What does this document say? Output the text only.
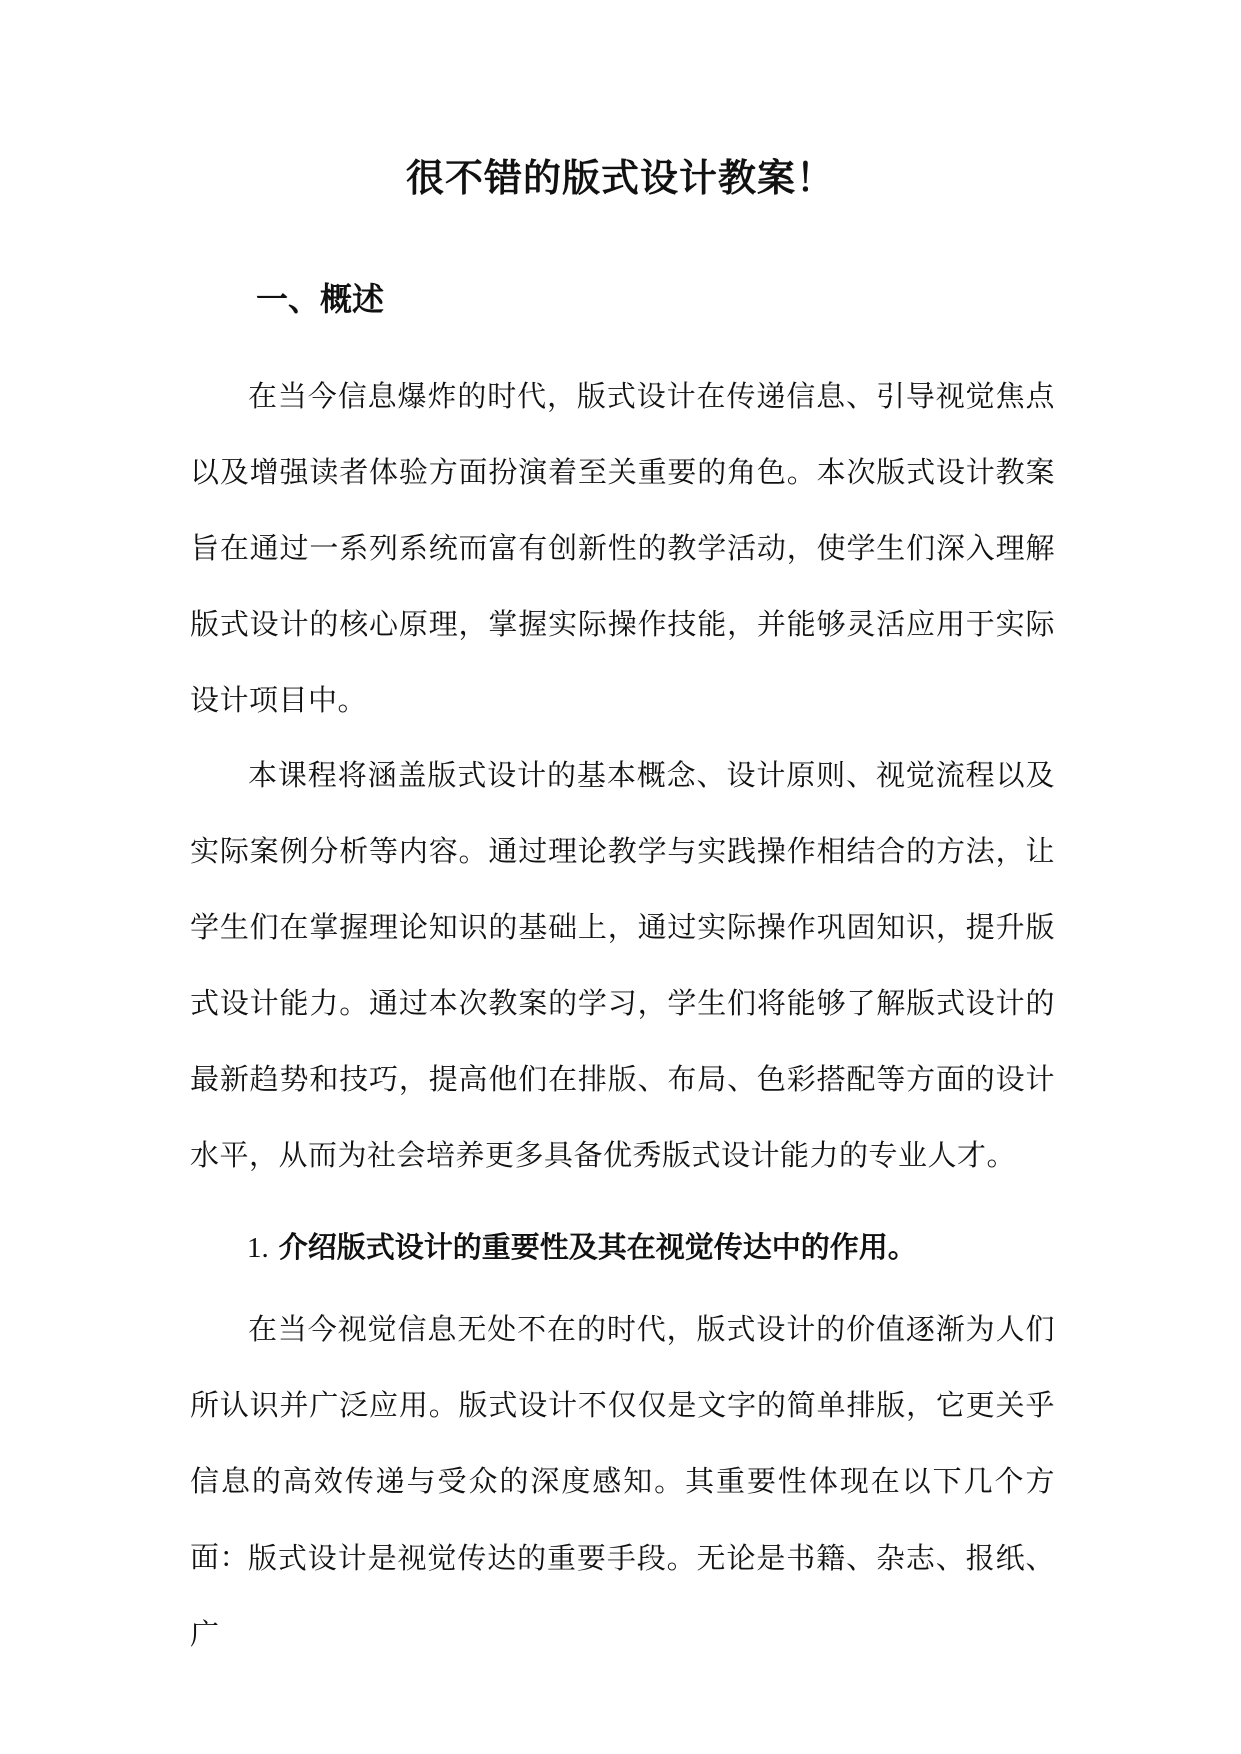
很不错的版式设计教案！
一、概述

在当今信息爆炸的时代，版式设计在传递信息、引导视觉焦点以及增强读者体验方面扮演着至关重要的角色。本次版式设计教案旨在通过一系列系统而富有创新性的教学活动，使学生们深入理解版式设计的核心原理，掌握实际操作技能，并能够灵活应用于实际设计项目中。

本课程将涵盖版式设计的基本概念、设计原则、视觉流程以及实际案例分析等内容。通过理论教学与实践操作相结合的方法，让学生们在掌握理论知识的基础上，通过实际操作巩固知识，提升版式设计能力。通过本次教案的学习，学生们将能够了解版式设计的最新趋势和技巧，提高他们在排版、布局、色彩搭配等方面的设计水平，从而为社会培养更多具备优秀版式设计能力的专业人才。

1. 介绍版式设计的重要性及其在视觉传达中的作用。

在当今视觉信息无处不在的时代，版式设计的价值逐渐为人们所认识并广泛应用。版式设计不仅仅是文字的简单排版，它更关乎信息的高效传递与受众的深度感知。其重要性体现在以下几个方面：

版式设计是视觉传达的重要手段。无论是书籍、杂志、报纸、广
